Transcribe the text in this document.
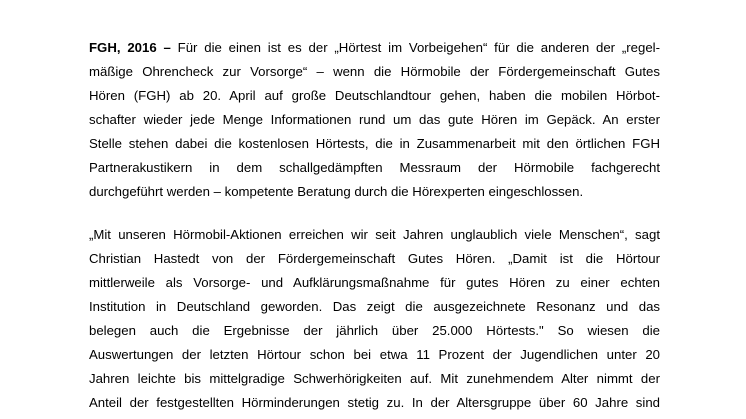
FGH, 2016 – Für die einen ist es der „Hörtest im Vorbeigehen“ für die anderen der „regel-
mäßige Ohrencheck zur Vorsorge“ – wenn die Hörmobile der Fördergemeinschaft Gutes
Hören (FGH) ab 20. April auf große Deutschlandtour gehen, haben die mobilen Hörbot-
schafter wieder jede Menge Informationen rund um das gute Hören im Gepäck. An erster
Stelle stehen dabei die kostenlosen Hörtests, die in Zusammenarbeit mit den örtlichen FGH
Partnerakustikern in dem schallgedämpften Messraum der Hörmobile fachgerecht
durchgeführt werden – kompetente Beratung durch die Hörexperten eingeschlossen.
„Mit unseren Hörmobil-Aktionen erreichen wir seit Jahren unglaublich viele Menschen“, sagt
Christian Hastedt von der Fördergemeinschaft Gutes Hören. „Damit ist die Hörtour
mittlerweile als Vorsorge- und Aufklärungsmaßnahme für gutes Hören zu einer echten
Institution in Deutschland geworden. Das zeigt die ausgezeichnete Resonanz und das
belegen auch die Ergebnisse der jährlich über 25.000 Hörtests." So wiesen die
Auswertungen der letzten Hörtour schon bei etwa 11 Prozent der Jugendlichen unter 20
Jahren leichte bis mittelgradige Schwerhörigkeiten auf. Mit zunehmendem Alter nimmt der
Anteil der festgestellten Hörminderungen stetig zu. In der Altersgruppe über 60 Jahre sind
